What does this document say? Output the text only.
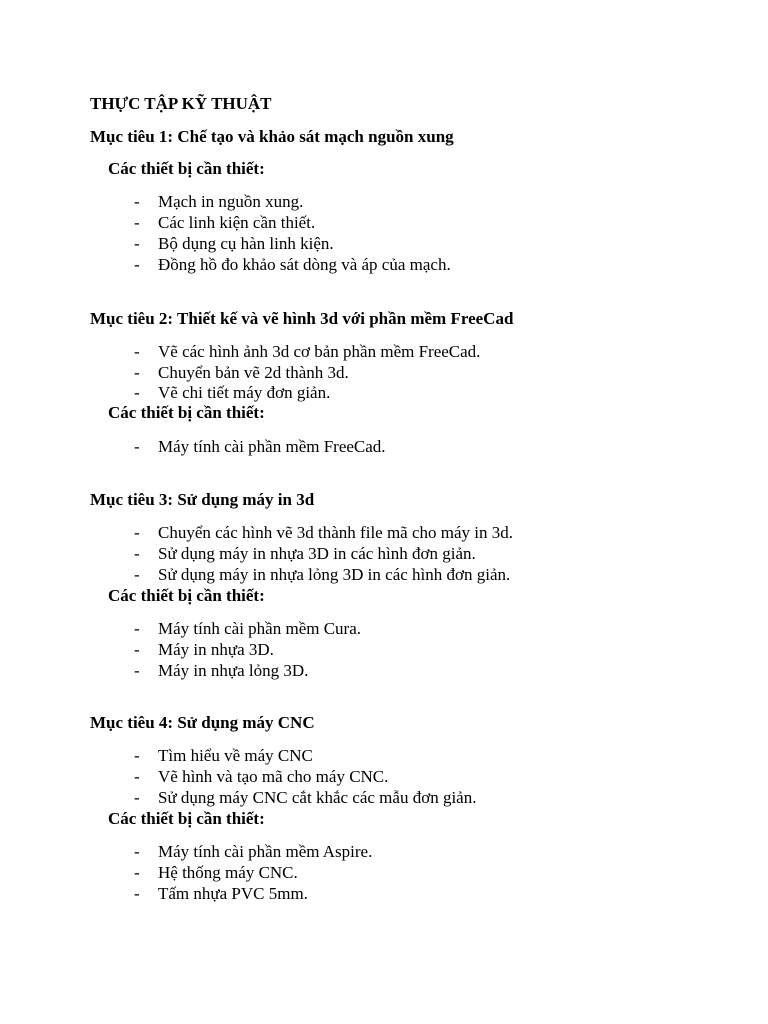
THỰC TẬP KỸ THUẬT
Mục tiêu 1: Chế tạo và khảo sát mạch nguồn xung
Các thiết bị cần thiết:
- Mạch in nguồn xung.
- Các linh kiện cần thiết.
- Bộ dụng cụ hàn linh kiện.
- Đồng hồ đo khảo sát dòng và áp của mạch.
Mục tiêu 2: Thiết kế và vẽ hình 3d với phần mềm FreeCad
- Vẽ các hình ảnh 3d cơ bản phần mềm FreeCad.
- Chuyển bản vẽ 2d thành 3d.
- Vẽ chi tiết máy đơn giản.
Các thiết bị cần thiết:
- Máy tính cài phần mềm FreeCad.
Mục tiêu 3: Sử dụng máy in 3d
- Chuyển các hình vẽ 3d thành file mã cho máy in 3d.
- Sử dụng máy in nhựa 3D in các hình đơn giản.
- Sử dụng máy in nhựa lỏng 3D in các hình đơn giản.
Các thiết bị cần thiết:
- Máy tính cài phần mềm Cura.
- Máy in nhựa 3D.
- Máy in nhựa lỏng 3D.
Mục tiêu 4: Sử dụng máy CNC
- Tìm hiểu về máy CNC
- Vẽ hình và tạo mã cho máy CNC.
- Sử dụng máy CNC cắt khắc các mẫu đơn giản.
Các thiết bị cần thiết:
- Máy tính cài phần mềm Aspire.
- Hệ thống máy CNC.
- Tấm nhựa PVC 5mm.
